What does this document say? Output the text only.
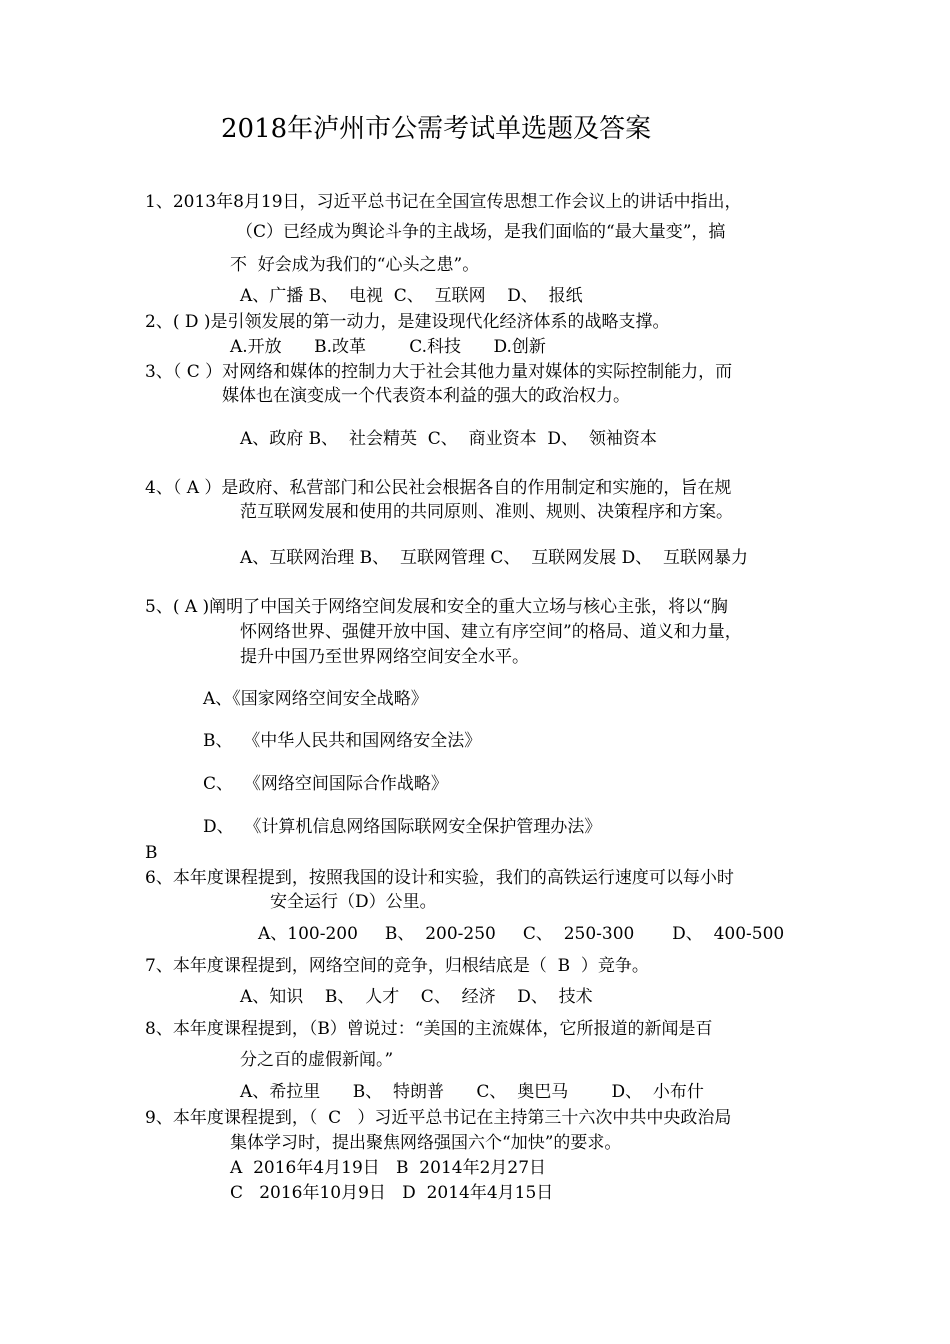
2018年泸州市公需考试单选题及答案
1、2013年8月19日，习近平总书记在全国宣传思想工作会议上的讲话中指出，
（C）已经成为舆论斗争的主战场，是我们面临的“最大量变”，搞
不  好会成为我们的“心头之患”。
A、广播 B、  电视  C、  互联网    D、  报纸
2、( D )是引领发展的第一动力，是建设现代化经济体系的战略支撑。
A.开放      B.改革        C.科技      D.创新
3、（ C ）对网络和媒体的控制力大于社会其他力量对媒体的实际控制能力，而
媒体也在演变成一个代表资本利益的强大的政治权力。
A、政府 B、  社会精英  C、  商业资本  D、  领袖资本
4、（ A ）是政府、私营部门和公民社会根据各自的作用制定和实施的，旨在规
范互联网发展和使用的共同原则、准则、规则、决策程序和方案。
A、互联网治理 B、  互联网管理 C、  互联网发展 D、  互联网暴力
5、( A )阐明了中国关于网络空间发展和安全的重大立场与核心主张，将以“胸
怀网络世界、强健开放中国、建立有序空间”的格局、道义和力量，
提升中国乃至世界网络空间安全水平。
A、《国家网络空间安全战略》
B、  《中华人民共和国网络安全法》
C、  《网络空间国际合作战略》
D、  《计算机信息网络国际联网安全保护管理办法》
B
6、本年度课程提到，按照我国的设计和实验，我们的高铁运行速度可以每小时
安全运行（D）公里。
A、100-200     B、  200-250     C、  250-300       D、  400-500
7、本年度课程提到，网络空间的竞争，归根结底是（  B  ）竞争。
A、知识    B、  人才    C、  经济    D、  技术
8、本年度课程提到，（B）曾说过：“美国的主流媒体，它所报道的新闻是百
分之百的虚假新闻。”
A、希拉里      B、  特朗普      C、  奥巴马        D、  小布什
9、本年度课程提到，（  C   ）习近平总书记在主持第三十六次中共中央政治局
集体学习时，提出聚焦网络强国六个“加快”的要求。
A  2016年4月19日   B  2014年2月27日
C   2016年10月9日   D  2014年4月15日
